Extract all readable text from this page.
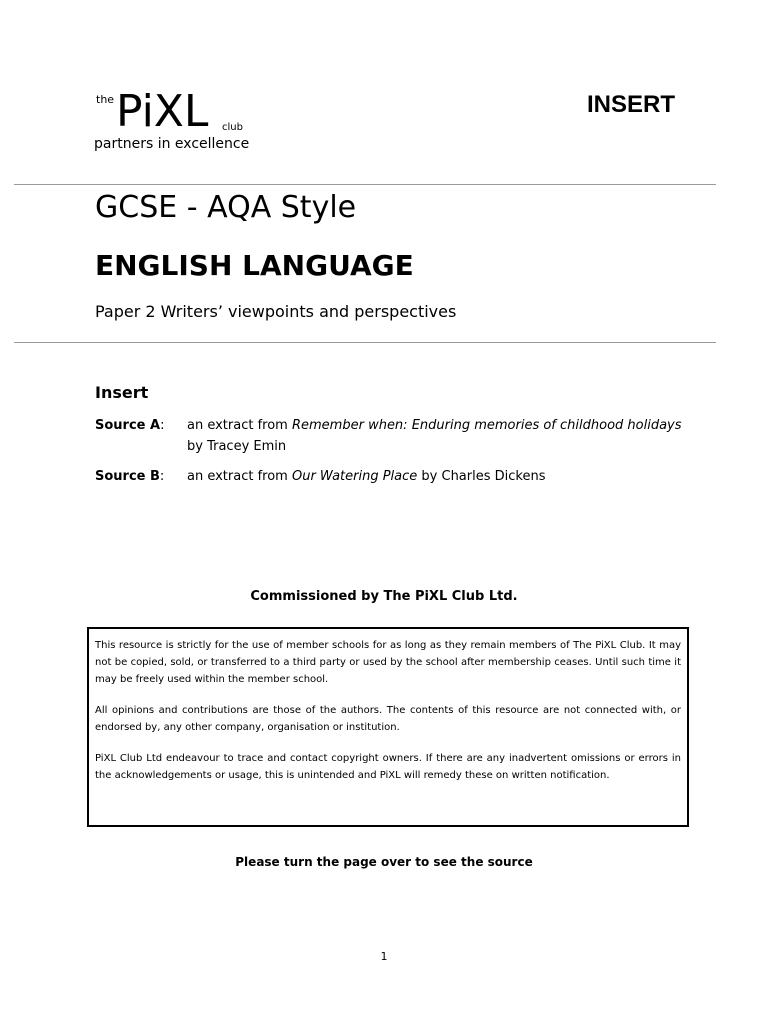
the PiXL club
partners in excellence
INSERT
GCSE - AQA Style
ENGLISH LANGUAGE
Paper 2 Writers’ viewpoints and perspectives
Insert
Source A: an extract from Remember when: Enduring memories of childhood holidays
by Tracey Emin
Source B: an extract from Our Watering Place by Charles Dickens
Commissioned by The PiXL Club Ltd.

This resource is strictly for the use of member schools for as long as they remain members of The PiXL Club. It may not be copied, sold, or transferred to a third party or used by the school after membership ceases. Until such time it may be freely used within the member school.

All opinions and contributions are those of the authors. The contents of this resource are not connected with, or endorsed by, any other company, organisation or institution.

PiXL Club Ltd endeavour to trace and contact copyright owners. If there are any inadvertent omissions or errors in the acknowledgements or usage, this is unintended and PiXL will remedy these on written notification.

Please turn the page over to see the source
1
